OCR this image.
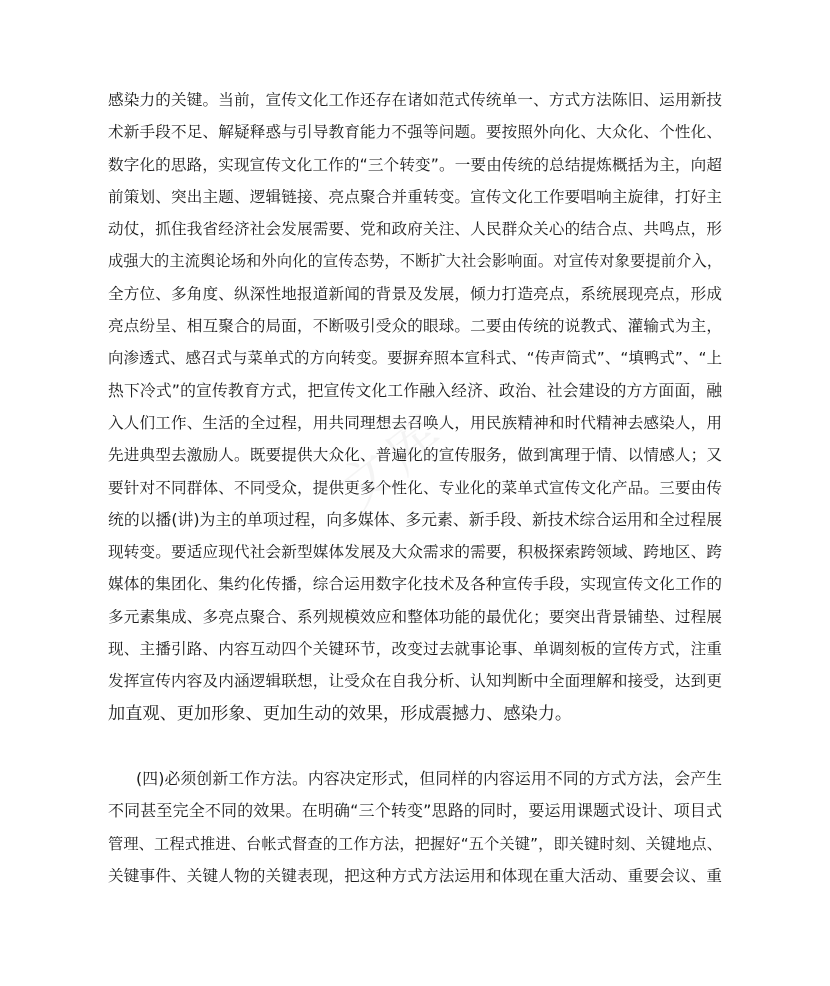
感染力的关键。当前，宣传文化工作还存在诸如范式传统单一、方式方法陈旧、运用新技
术新手段不足、解疑释惑与引导教育能力不强等问题。要按照外向化、大众化、个性化、
数字化的思路，实现宣传文化工作的“三个转变”。一要由传统的总结提炼概括为主，向超
前策划、突出主题、逻辑链接、亮点聚合并重转变。宣传文化工作要唱响主旋律，打好主
动仗，抓住我省经济社会发展需要、党和政府关注、人民群众关心的结合点、共鸣点，形
成强大的主流舆论场和外向化的宣传态势，不断扩大社会影响面。对宣传对象要提前介入，
全方位、多角度、纵深性地报道新闻的背景及发展，倾力打造亮点，系统展现亮点，形成
亮点纷呈、相互聚合的局面，不断吸引受众的眼球。二要由传统的说教式、灌输式为主，
向渗透式、感召式与菜单式的方向转变。要摒弃照本宣科式、“传声筒式”、“填鸭式”、“上
热下冷式”的宣传教育方式，把宣传文化工作融入经济、政治、社会建设的方方面面，融
入人们工作、生活的全过程，用共同理想去召唤人，用民族精神和时代精神去感染人，用
先进典型去激励人。既要提供大众化、普遍化的宣传服务，做到寓理于情、以情感人；又
要针对不同群体、不同受众，提供更多个性化、专业化的菜单式宣传文化产品。三要由传
统的以播(讲)为主的单项过程，向多媒体、多元素、新手段、新技术综合运用和全过程展
现转变。要适应现代社会新型媒体发展及大众需求的需要，积极探索跨领域、跨地区、跨
媒体的集团化、集约化传播，综合运用数字化技术及各种宣传手段，实现宣传文化工作的
多元素集成、多亮点聚合、系列规模效应和整体功能的最优化；要突出背景铺垫、过程展
现、主播引路、内容互动四个关键环节，改变过去就事论事、单调刻板的宣传方式，注重
发挥宣传内容及内涵逻辑联想，让受众在自我分析、认知判断中全面理解和接受，达到更
加直观、更加形象、更加生动的效果，形成震撼力、感染力。
(四)必须创新工作方法。内容决定形式，但同样的内容运用不同的方式方法，会产生
不同甚至完全不同的效果。在明确“三个转变”思路的同时，要运用课题式设计、项目式
管理、工程式推进、台帐式督查的工作方法，把握好“五个关键”，即关键时刻、关键地点、
关键事件、关键人物的关键表现，把这种方式方法运用和体现在重大活动、重要会议、重
